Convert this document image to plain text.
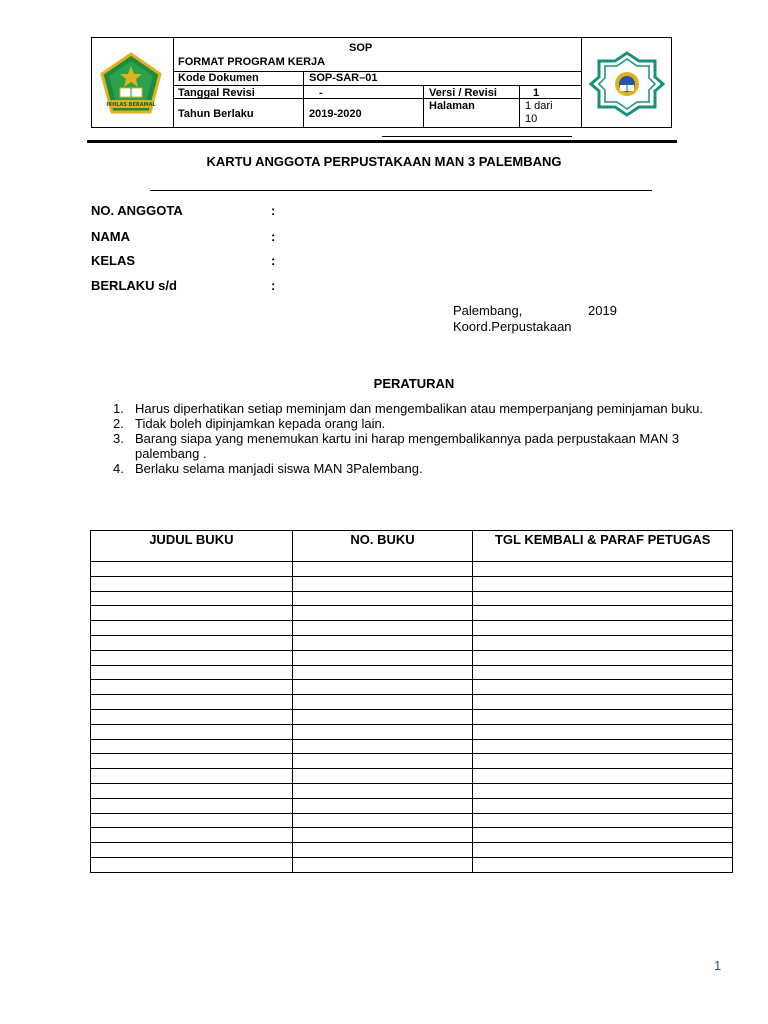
IKHLAS BERAMAL
SOP
FORMAT PROGRAM KERJA
Kode Dokumen	SOP-SAR–01
Tanggal Revisi	-	Versi / Revisi	1
Tahun Berlaku	2019-2020
Halaman	1 dari
10
KARTU ANGGOTA PERPUSTAKAAN MAN 3 PALEMBANG
NO. ANGGOTA	:
NAMA	:
KELAS	:
BERLAKU s/d	:
Palembang,	2019
Koord.Perpustakaan
PERATURAN
1. Harus diperhatikan setiap meminjam dan mengembalikan atau memperpanjang peminjaman buku.
2. Tidak boleh dipinjamkan kepada orang lain.
3. Barang siapa yang menemukan kartu ini harap mengembalikannya pada perpustakaan MAN 3 palembang .
4. Berlaku selama manjadi siswa MAN 3Palembang.
JUDUL BUKU	NO. BUKU	TGL KEMBALI & PARAF PETUGAS

1
